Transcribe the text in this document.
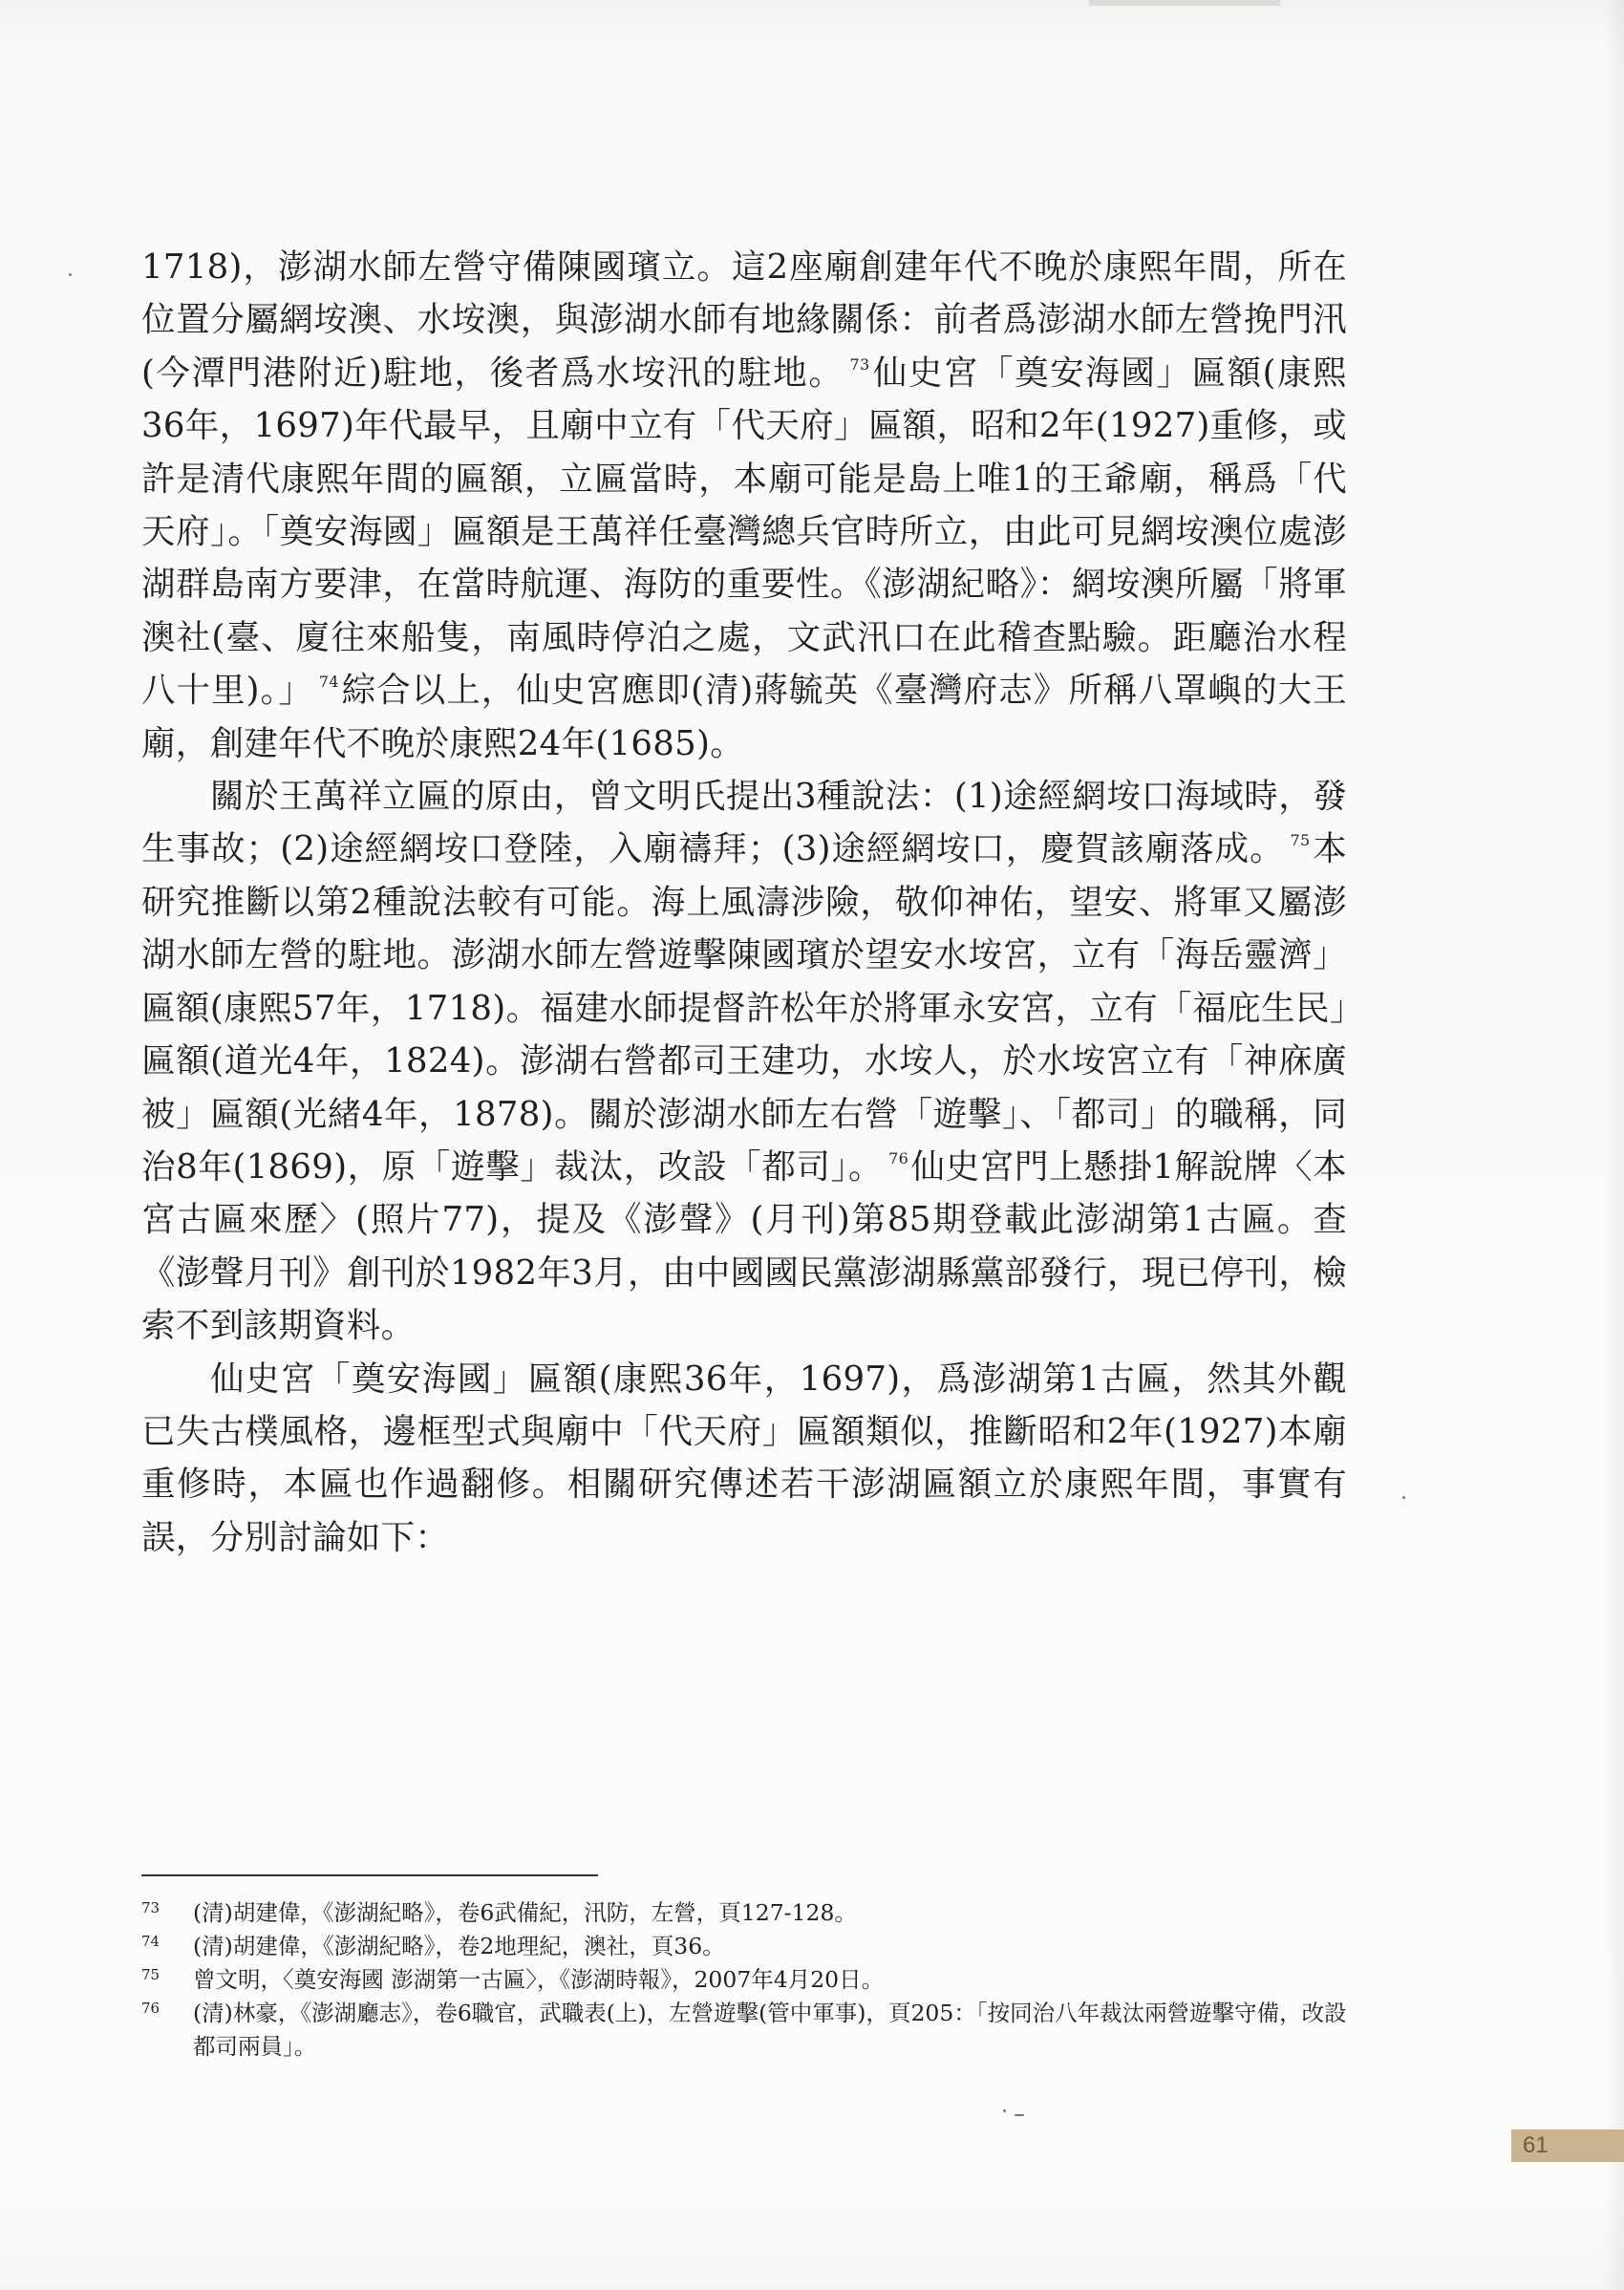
1718)，澎湖水師左營守備陳國璸立。這2座廟創建年代不晚於康熙年間，所在位置分屬網垵澳、水垵澳，與澎湖水師有地緣關係：前者爲澎湖水師左營挽門汛(今潭門港附近)駐地，後者爲水垵汛的駐地。 $^{73}$仙史宮「奠安海國」匾額(康熙36年，1697)年代最早，且廟中立有「代天府」匾額，昭和2年(1927)重修，或許是清代康熙年間的匾額，立匾當時，本廟可能是島上唯1的王爺廟，稱爲「代天府」。「奠安海國」匾額是王萬祥任臺灣總兵官時所立，由此可見網垵澳位處澎湖群島南方要津，在當時航運、海防的重要性。《澎湖紀略》：網垵澳所屬「將軍澳社(臺、廈往來船隻，南風時停泊之處，文武汛口在此稽查點驗。距廳治水程八十里)。」 $^{74}$綜合以上，仙史宮應即(清)蔣毓英《臺灣府志》所稱八罩嶼的大王廟，創建年代不晚於康熙24年(1685)。

關於王萬祥立匾的原由，曾文明氏提出3種說法：(1)途經網垵口海域時，發生事故；(2)途經網垵口登陸，入廟禱拜；(3)途經網垵口，慶賀該廟落成。 $^{75}$本研究推斷以第2種說法較有可能。海上風濤涉險，敬仰神佑，望安、將軍又屬澎湖水師左營的駐地。澎湖水師左營遊擊陳國璸於望安水垵宮，立有「海岳靈濟」匾額(康熙57年，1718)。福建水師提督許松年於將軍永安宮，立有「福庇生民」匾額(道光4年，1824)。澎湖右營都司王建功，水垵人，於水垵宮立有「神庥廣被」匾額(光緒4年，1878)。關於澎湖水師左右營「遊擊」、「都司」的職稱，同治8年(1869)，原「遊擊」裁汰，改設「都司」。 $^{76}$仙史宮門上懸掛1解說牌〈本宮古匾來歷〉(照片77)，提及《澎聲》(月刊)第85期登載此澎湖第1古匾。查《澎聲月刊》創刊於1982年3月，由中國國民黨澎湖縣黨部發行，現已停刊，檢索不到該期資料。

仙史宮「奠安海國」匾額(康熙36年，1697)，爲澎湖第1古匾，然其外觀已失古樸風格，邊框型式與廟中「代天府」匾額類似，推斷昭和2年(1927)本廟重修時，本匾也作過翻修。相關研究傳述若干澎湖匾額立於康熙年間，事實有誤，分別討論如下：

73	(清)胡建偉，《澎湖紀略》，卷6武備紀，汛防，左營，頁127-128。
74	(清)胡建偉，《澎湖紀略》，卷2地理紀，澳社，頁36。
75	曾文明，〈奠安海國 澎湖第一古匾〉，《澎湖時報》，2007年4月20日。
76	(清)林豪，《澎湖廳志》，卷6職官，武職表(上)，左營遊擊(管中軍事)，頁205：「按同治八年裁汰兩營遊擊守備，改設都司兩員」。
61
